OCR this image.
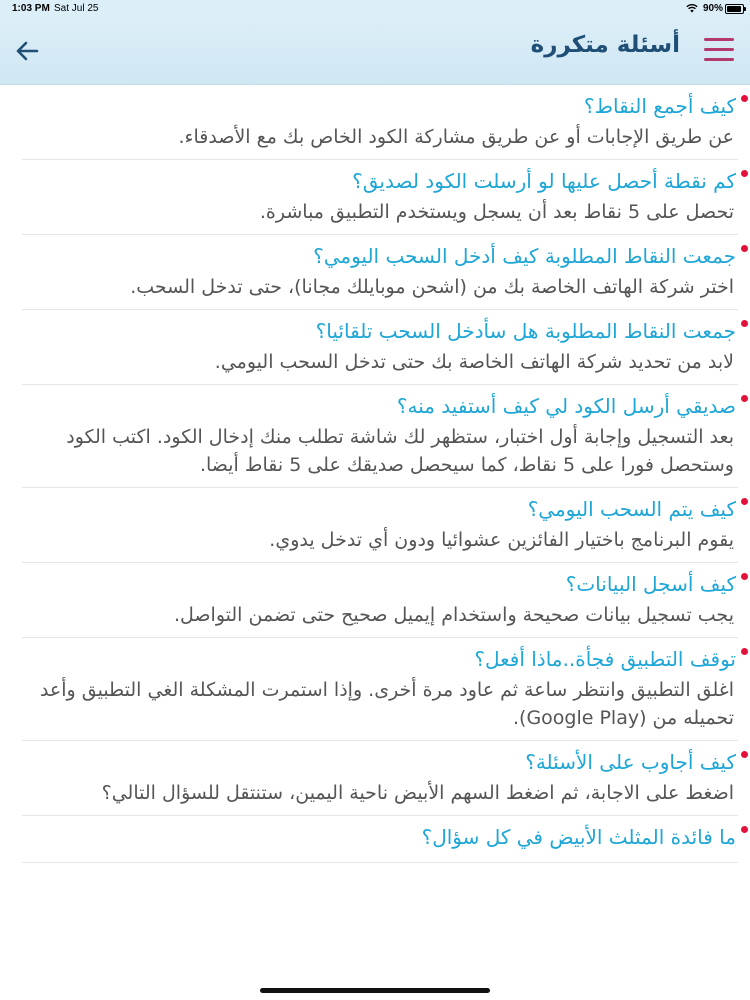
1:03 PM Sat Jul 25	90%
أسئلة متكررة
كيف أجمع النقاط؟
عن طريق الإجابات أو عن طريق مشاركة الكود الخاص بك مع الأصدقاء.
كم نقطة أحصل عليها لو أرسلت الكود لصديق؟
تحصل على 5 نقاط بعد أن يسجل ويستخدم التطبيق مباشرة.
جمعت النقاط المطلوبة كيف أدخل السحب اليومي؟
اختر شركة الهاتف الخاصة بك من (اشحن موبايلك مجانا)، حتى تدخل السحب.
جمعت النقاط المطلوبة هل سأدخل السحب تلقائيا؟
لابد من تحديد شركة الهاتف الخاصة بك حتى تدخل السحب اليومي.
صديقي أرسل الكود لي كيف أستفيد منه؟
بعد التسجيل وإجابة أول اختبار، ستظهر لك شاشة تطلب منك إدخال الكود. اكتب الكود وستحصل فورا على 5 نقاط، كما سيحصل صديقك على 5 نقاط أيضا.
كيف يتم السحب اليومي؟
يقوم البرنامج باختيار الفائزين عشوائيا ودون أي تدخل يدوي.
كيف أسجل البيانات؟
يجب تسجيل بيانات صحيحة واستخدام إيميل صحيح حتى تضمن التواصل.
توقف التطبيق فجأة..ماذا أفعل؟
اغلق التطبيق وانتظر ساعة ثم عاود مرة أخرى. وإذا استمرت المشكلة الغي التطبيق وأعد تحميله من (Google Play).
كيف أجاوب على الأسئلة؟
اضغط على الاجابة، ثم اضغط السهم الأبيض ناحية اليمين، ستنتقل للسؤال التالي؟
ما فائدة المثلث الأبيض في كل سؤال؟
